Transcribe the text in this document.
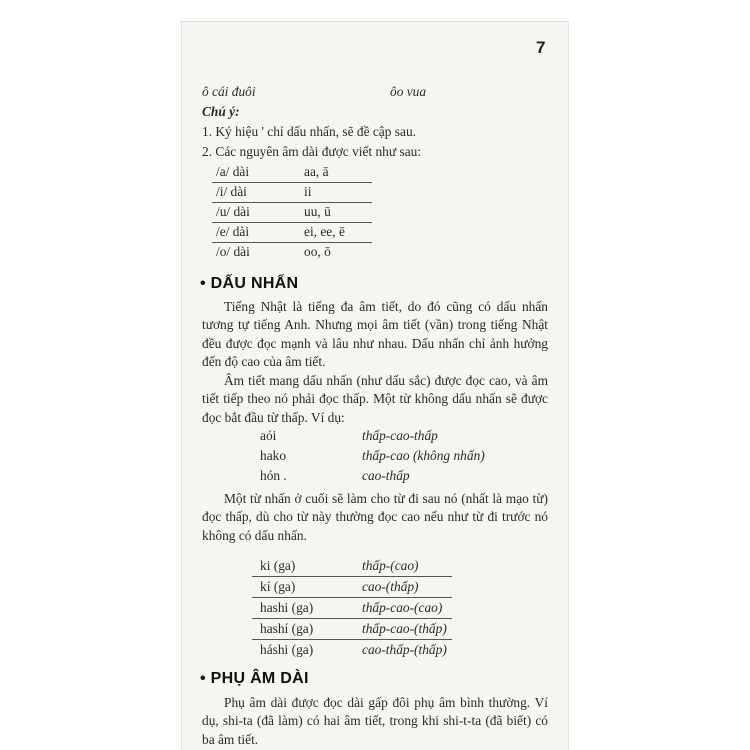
7
ô cái đuôi	ôo vua
Chú ý:
1. Ký hiệu ' chỉ dấu nhấn, sẽ đề cập sau.
2. Các nguyên âm dài được viết như sau:
/a/ dài	aa, ā
/i/ dài	ii
/u/ dài	uu, ū
/e/ dài	ei, ee, ē
/o/ dài	oo, ō
• DẤU NHẤN
Tiếng Nhật là tiếng đa âm tiết, do đó cũng có dấu nhấn tương tự tiếng Anh. Nhưng mọi âm tiết (vần) trong tiếng Nhật đều được đọc mạnh và lâu như nhau. Dấu nhấn chỉ ảnh hưởng đến độ cao của âm tiết.
Âm tiết mang dấu nhấn (như dấu sắc) được đọc cao, và âm tiết tiếp theo nó phải đọc thấp. Một từ không dấu nhấn sẽ được đọc bắt đầu từ thấp. Ví dụ:
aói	thấp-cao-thấp
hako	thấp-cao (không nhấn)
hón .	cao-thấp
Một từ nhấn ở cuối sẽ làm cho từ đi sau nó (nhất là mạo từ) đọc thấp, dù cho từ này thường đọc cao nếu như từ đi trước nó không có dấu nhấn.
ki (ga)	thấp-(cao)
kí (ga)	cao-(thấp)
hashi (ga)	thấp-cao-(cao)
hashí (ga)	thấp-cao-(thấp)
háshi (ga)	cao-thấp-(thấp)
• PHỤ ÂM DÀI
Phụ âm dài được đọc dài gấp đôi phụ âm bình thường. Ví dụ, shi-ta (đã làm) có hai âm tiết, trong khi shi-t-ta (đã biết) có ba âm tiết.
